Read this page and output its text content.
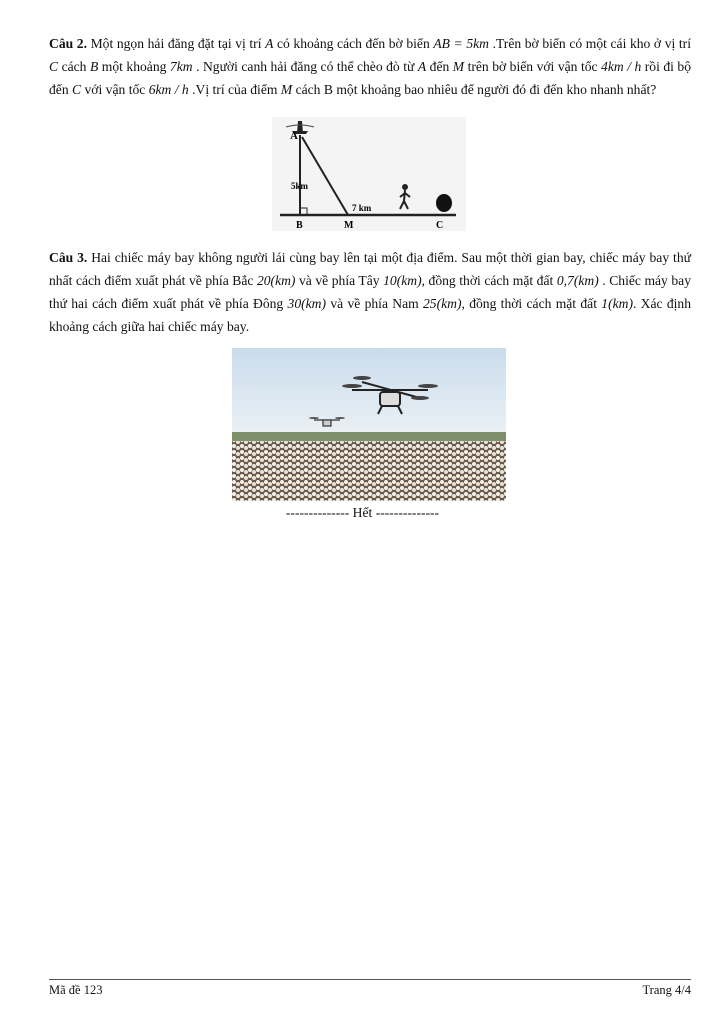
Câu 2. Một ngọn hải đăng đặt tại vị trí A có khoảng cách đến bờ biển AB = 5km .Trên bờ biển có một cái kho ở vị trí C cách B một khoảng 7km . Người canh hải đăng có thể chèo đò từ A đến M trên bờ biển với vận tốc 4km / h rồi đi bộ đến C với vận tốc 6km / h .Vị trí của điểm M cách B một khoảng bao nhiêu để người đó đi đến kho nhanh nhất?
A
5km
7 km
B	M	C
Câu 3. Hai chiếc máy bay không người lái cùng bay lên tại một địa điểm. Sau một thời gian bay, chiếc máy bay thứ nhất cách điểm xuất phát về phía Bắc 20(km) và về phía Tây 10(km), đồng thời cách mặt đất 0,7(km) . Chiếc máy bay thứ hai cách điểm xuất phát về phía Đông 30(km) và về phía Nam 25(km), đồng thời cách mặt đất 1(km). Xác định khoảng cách giữa hai chiếc máy bay.
-------------- Hết --------------
Mã đề 123	Trang 4/4
